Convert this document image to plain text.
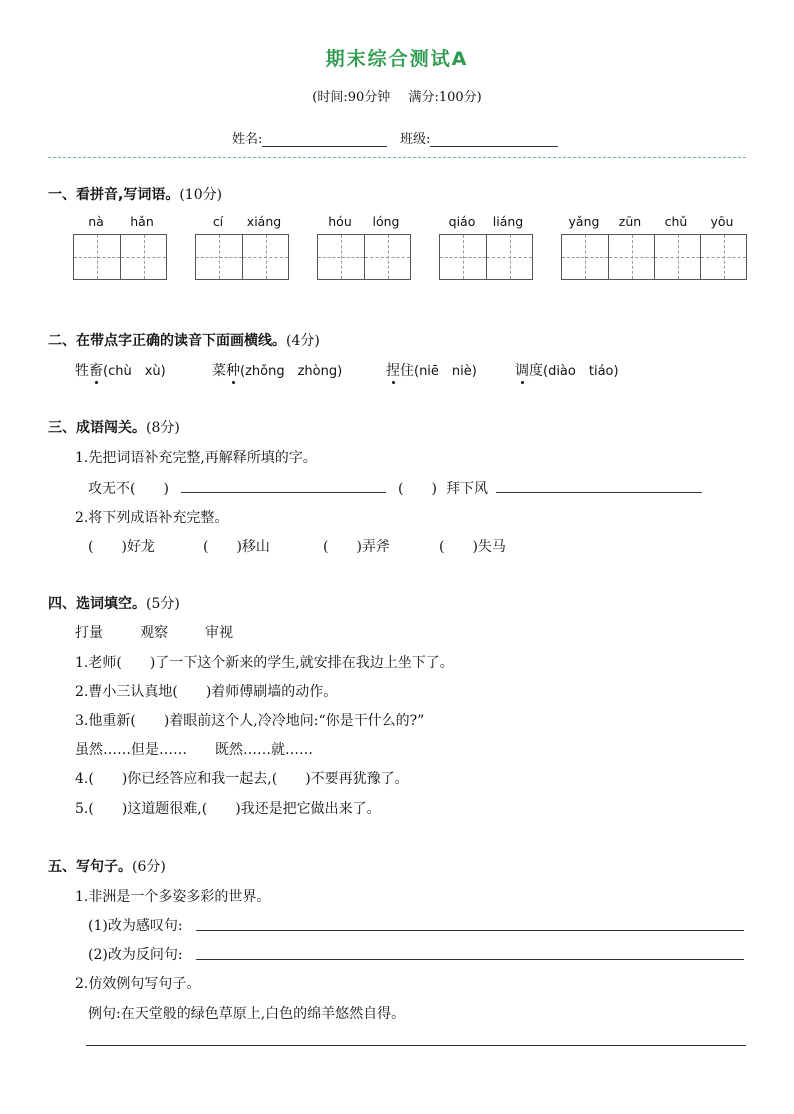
期末综合测试A
(时间:90分钟 满分:100分)
姓名:	班级:
一、看拼音,写词语。(10分)
nà	hǎn	cí	xiáng	hóu	lóng	qiáo	liáng	yǎng	zūn	chǔ	yōu
二、在带点字正确的读音下面画横线。(4分)
牲畜(chù　xù)	菜种(zhǒng　zhòng)	捏住(niē　niè)	调度(diào　tiáo)
三、成语闯关。(8分)
1.先把词语补充完整,再解释所填的字。
攻无不(　　)	(　　) 拜下风
2.将下列成语补充完整。
(　　)好龙	(　　)移山	(　　)弄斧	(　　)失马
四、选词填空。(5分)
打量	观察	审视
1.老师(　　)了一下这个新来的学生,就安排在我边上坐下了。
2.曹小三认真地(　　)着师傅刷墙的动作。
3.他重新(　　)着眼前这个人,冷冷地问:“你是干什么的?”
虽然……但是……　　既然……就……
4.(　　)你已经答应和我一起去,(　　)不要再犹豫了。
5.(　　)这道题很难,(　　)我还是把它做出来了。
五、写句子。(6分)
1.非洲是一个多姿多彩的世界。
(1)改为感叹句:
(2)改为反问句:
2.仿效例句写句子。
例句:在天堂般的绿色草原上,白色的绵羊悠然自得。
